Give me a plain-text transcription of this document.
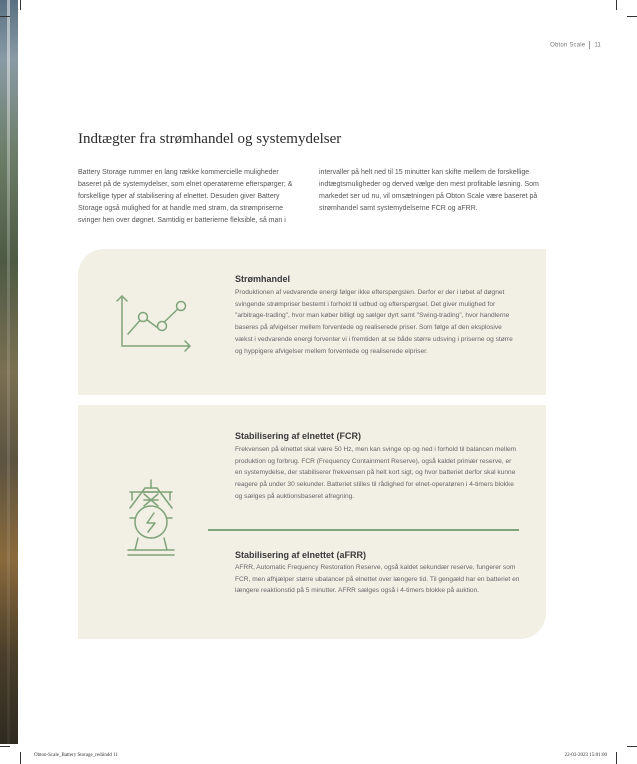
Obton Scale 11
Indtægter fra strømhandel og systemydelser

Battery Storage rummer en lang række kommercielle muligheder baseret på de systemydelser, som elnet operatørerne efterspørger; & forskellige typer af stabilisering af elnettet. Desuden giver Battery Storage også mulighed for at handle med strøm, da strømpriserne svinger hen over døgnet. Samtidig er batterierne fleksible, så man i

intervaller på helt ned til 15 minutter kan skifte mellem de forskellige indtægtsmuligheder og derved vælge den mest profitable løsning. Som markedet ser ud nu, vil omsætningen på Obton Scale være baseret på strømhandel samt systemydelserne FCR og aFRR.

Strømhandel

Produktionen af vedvarende energi følger ikke efterspørgslen. Derfor er der i løbet af døgnet svingende strømpriser bestemt i forhold til udbud og efterspørgsel. Det giver mulighed for "arbitrage-trading", hvor man køber billigt og sælger dyrt samt "Swing-trading", hvor handlerne baseres på afvigelser mellem forventede og realiserede priser. Som følge af den eksplosive vækst i vedvarende energi forventer vi i fremtiden at se både større udsving i priserne og større og hyppigere afvigelser mellem forventede og realiserede elpriser.

Stabilisering af elnettet (FCR)

Frekvensen på elnettet skal være 50 Hz, men kan svinge op og ned i forhold til balancen mellem produktion og forbrug. FCR (Frequency Containment Reserve), også kaldet primær reserve, er en systemydelse, der stabiliserer frekvensen på helt kort sigt, og hvor batteriet derfor skal kunne reagere på under 30 sekunder. Batteriet stilles til rådighed for elnet-operatøren i 4-timers blokke og sælges på auktionsbaseret afregning.

Stabilisering af elnettet (aFRR)

AFRR, Automatic Frequency Restoration Reserve, også kaldet sekundær reserve, fungerer som FCR, men afhjælper større ubalancer på elnettet over længere tid. Til gengæld har en batteriet en længere reaktionstid på 5 minutter. AFRR sælges også i 4-timers blokke på auktion.

Obton-Scale_Battery Storage_rediindd 11	22-03-2023 15:01:00
